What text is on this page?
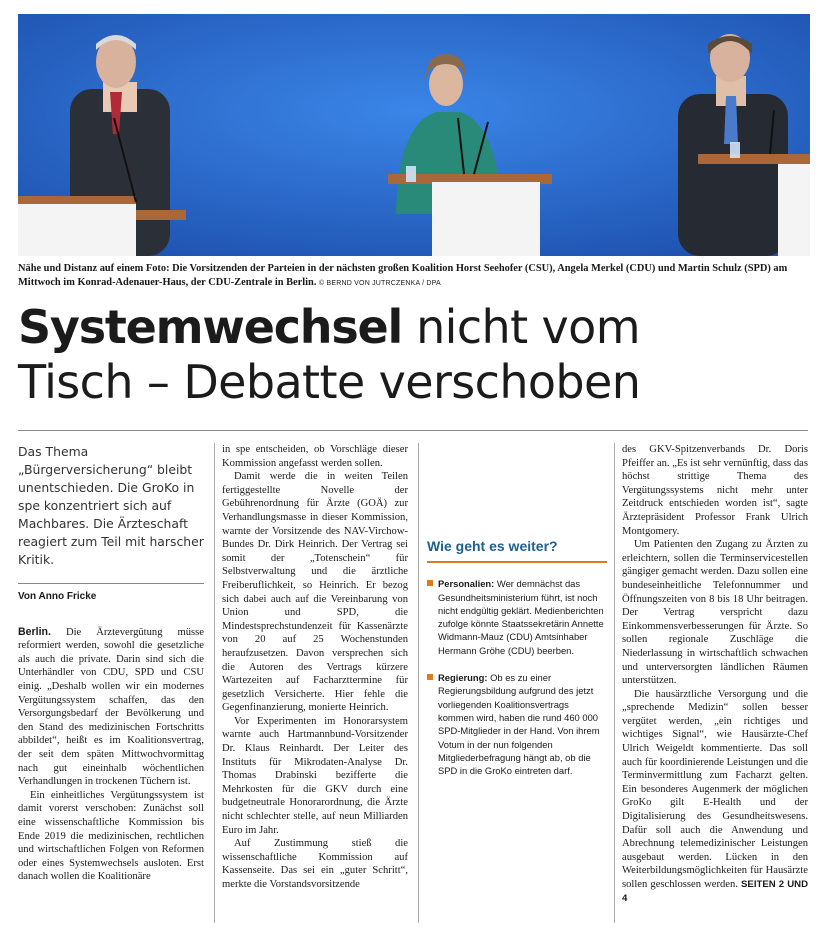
Nähe und Distanz auf einem Foto: Die Vorsitzenden der Parteien in der nächsten großen Koalition Horst Seehofer (CSU), Angela Merkel (CDU) und Martin Schulz (SPD) am Mittwoch im Konrad-Adenauer-Haus, der CDU-Zentrale in Berlin. © BERND VON JUTRCZENKA / DPA
Systemwechsel nicht vom
Tisch – Debatte verschoben
Das Thema „Bürgerversicherung“ bleibt unentschieden. Die GroKo in spe konzentriert sich auf Machbares. Die Ärzteschaft reagiert zum Teil mit harscher Kritik.
Von Anno Fricke

Berlin. Die Ärztevergütung müsse reformiert werden, sowohl die gesetzliche als auch die private. Darin sind sich die Unterhändler von CDU, SPD und CSU einig. „Deshalb wollen wir ein modernes Vergütungssystem schaffen, das den Versorgungsbedarf der Bevölkerung und den Stand des medizinischen Fortschritts abbildet“, heißt es im Koalitionsvertrag, der seit dem späten Mittwochvormittag nach gut eineinhalb wöchentlichen Verhandlungen in trockenen Tüchern ist.

Ein einheitliches Vergütungssystem ist damit vorerst verschoben: Zunächst soll eine wissenschaftliche Kommission bis Ende 2019 die medizinischen, rechtlichen und wirtschaftlichen Folgen von Reformen oder eines Systemwechsels ausloten. Erst danach wollen die Koalitionäre

in spe entscheiden, ob Vorschläge dieser Kommission angefasst werden sollen.

Damit werde die in weiten Teilen fertiggestellte Novelle der Gebührenordnung für Ärzte (GOÄ) zur Verhandlungsmasse in dieser Kommission, warnte der Vorsitzende des NAV-Virchow-Bundes Dr. Dirk Heinrich. Der Vertrag sei somit der „Totenschein“ für Selbstverwaltung und die ärztliche Freiberuflichkeit, so Heinrich. Er bezog sich dabei auch auf die Vereinbarung von Union und SPD, die Mindestsprechstundenzeit für Kassenärzte von 20 auf 25 Wochenstunden heraufzusetzen. Davon versprechen sich die Autoren des Vertrags kürzere Wartezeiten auf Facharzttermine für gesetzlich Versicherte. Hier fehle die Gegenfinanzierung, monierte Heinrich.

Vor Experimenten im Honorarsystem warnte auch Hartmannbund-Vorsitzender Dr. Klaus Reinhardt. Der Leiter des Instituts für Mikrodaten-Analyse Dr. Thomas Drabinski bezifferte die Mehrkosten für die GKV durch eine budgetneutrale Honorarordnung, die Ärzte nicht schlechter stelle, auf neun Milliarden Euro im Jahr.

Auf Zustimmung stieß die wissenschaftliche Kommission auf Kassenseite. Das sei ein „guter Schritt“, merkte die Vorstandsvorsitzende

Wie geht es weiter?
Personalien: Wer demnächst das Gesundheitsministerium führt, ist noch nicht endgültig geklärt. Medienberichten zufolge könnte Staatssekretärin Annette Widmann-Mauz (CDU) Amtsinhaber Hermann Gröhe (CDU) beerben.
Regierung: Ob es zu einer Regierungsbildung aufgrund des jetzt vorliegenden Koalitionsvertrags kommen wird, haben die rund 460 000 SPD-Mitglieder in der Hand. Von ihrem Votum in der nun folgenden Mitgliederbefragung hängt ab, ob die SPD in die GroKo eintreten darf.

des GKV-Spitzenverbands Dr. Doris Pfeiffer an. „Es ist sehr vernünftig, dass das höchst strittige Thema des Vergütungssystems nicht mehr unter Zeitdruck entschieden worden ist“, sagte Ärztepräsident Professor Frank Ulrich Montgomery.

Um Patienten den Zugang zu Ärzten zu erleichtern, sollen die Terminservicestellen gängiger gemacht werden. Dazu sollen eine bundeseinheitliche Telefonnummer und Öffnungszeiten von 8 bis 18 Uhr beitragen. Der Vertrag verspricht dazu Einkommensverbesserungen für Ärzte. So sollen regionale Zuschläge die Niederlassung in wirtschaftlich schwachen und unterversorgten ländlichen Räumen unterstützen.

Die hausärztliche Versorgung und die „sprechende Medizin“ sollen besser vergütet werden, „ein richtiges und wichtiges Signal“, wie Hausärzte-Chef Ulrich Weigeldt kommentierte. Das soll auch für koordinierende Leistungen und die Terminvermittlung zum Facharzt gelten. Ein besonderes Augenmerk der möglichen GroKo gilt E-Health und der Digitalisierung des Gesundheitswesens. Dafür soll auch die Anwendung und Abrechnung telemedizinischer Leistungen ausgebaut werden. Lücken in den Weiterbildungsmöglichkeiten für Hausärzte sollen geschlossen werden. SEITEN 2 UND 4
